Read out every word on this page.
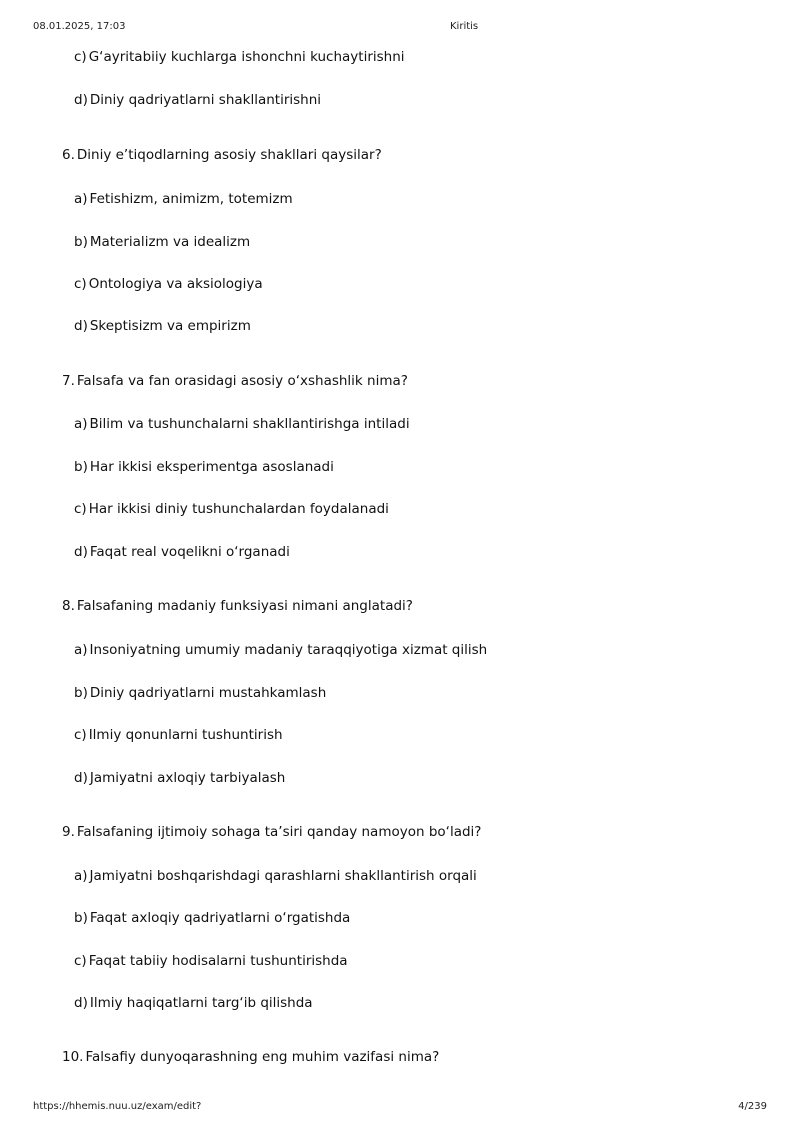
08.01.2025, 17:03	Kiritis
c) G‘ayritabiiy kuchlarga ishonchni kuchaytirishni
d) Diniy qadriyatlarni shakllantirishni
6. Diniy e’tiqodlarning asosiy shakllari qaysilar?
a) Fetishizm, animizm, totemizm
b) Materializm va idealizm
c) Ontologiya va aksiologiya
d) Skeptisizm va empirizm
7. Falsafa va fan orasidagi asosiy o‘xshashlik nima?
a) Bilim va tushunchalarni shakllantirishga intiladi
b) Har ikkisi eksperimentga asoslanadi
c) Har ikkisi diniy tushunchalardan foydalanadi
d) Faqat real voqelikni o‘rganadi
8. Falsafaning madaniy funksiyasi nimani anglatadi?
a) Insoniyatning umumiy madaniy taraqqiyotiga xizmat qilish
b) Diniy qadriyatlarni mustahkamlash
c) Ilmiy qonunlarni tushuntirish
d) Jamiyatni axloqiy tarbiyalash
9. Falsafaning ijtimoiy sohaga ta’siri qanday namoyon bo‘ladi?
a) Jamiyatni boshqarishdagi qarashlarni shakllantirish orqali
b) Faqat axloqiy qadriyatlarni o‘rgatishda
c) Faqat tabiiy hodisalarni tushuntirishda
d) Ilmiy haqiqatlarni targ‘ib qilishda
10. Falsafiy dunyoqarashning eng muhim vazifasi nima?
https://hhemis.nuu.uz/exam/edit?	4/239
